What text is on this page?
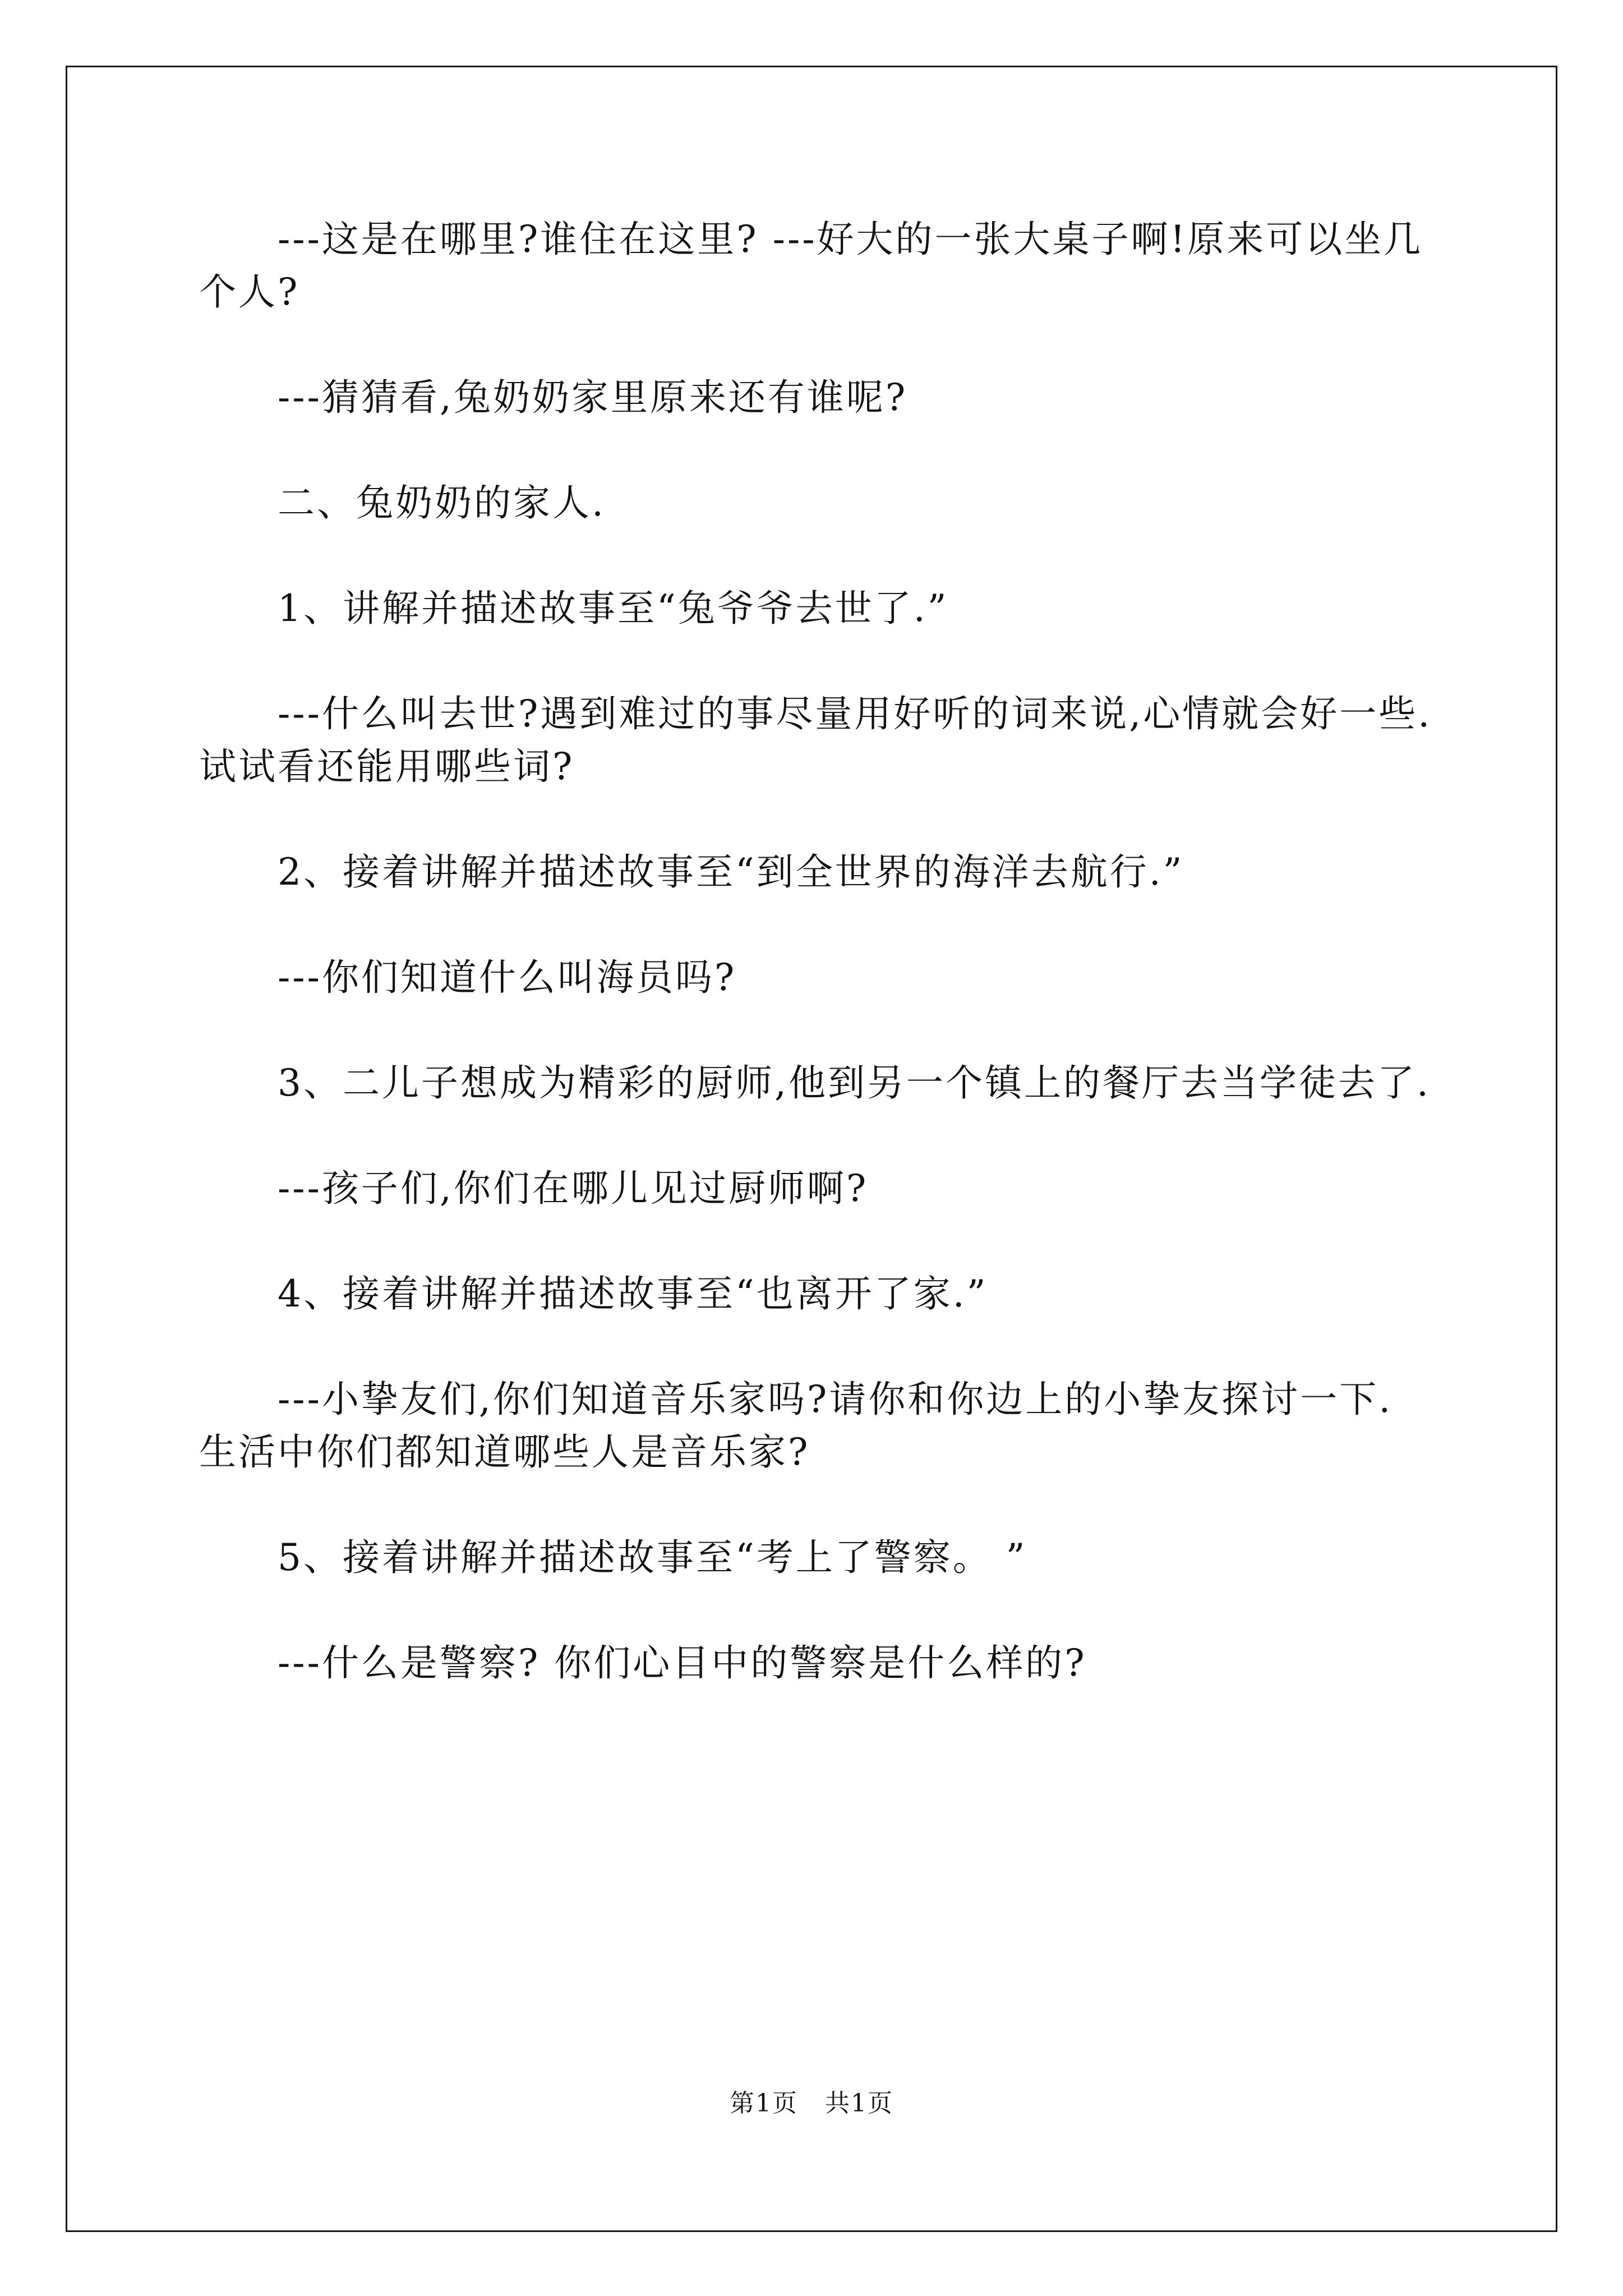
---这是在哪里?谁住在这里? ---好大的一张大桌子啊!原来可以坐几个人?

---猜猜看,兔奶奶家里原来还有谁呢?

二、兔奶奶的家人.

1、讲解并描述故事至“兔爷爷去世了.”

---什么叫去世?遇到难过的事尽量用好听的词来说,心情就会好一些.试试看还能用哪些词?

2、接着讲解并描述故事至“到全世界的海洋去航行.”

---你们知道什么叫海员吗?

3、二儿子想成为精彩的厨师,他到另一个镇上的餐厅去当学徒去了.

---孩子们,你们在哪儿见过厨师啊?

4、接着讲解并描述故事至“也离开了家.”

---小挚友们,你们知道音乐家吗?请你和你边上的小挚友探讨一下. 生活中你们都知道哪些人是音乐家?

5、接着讲解并描述故事至“考上了警察。 ”

---什么是警察? 你们心目中的警察是什么样的?

第1页 共1页
